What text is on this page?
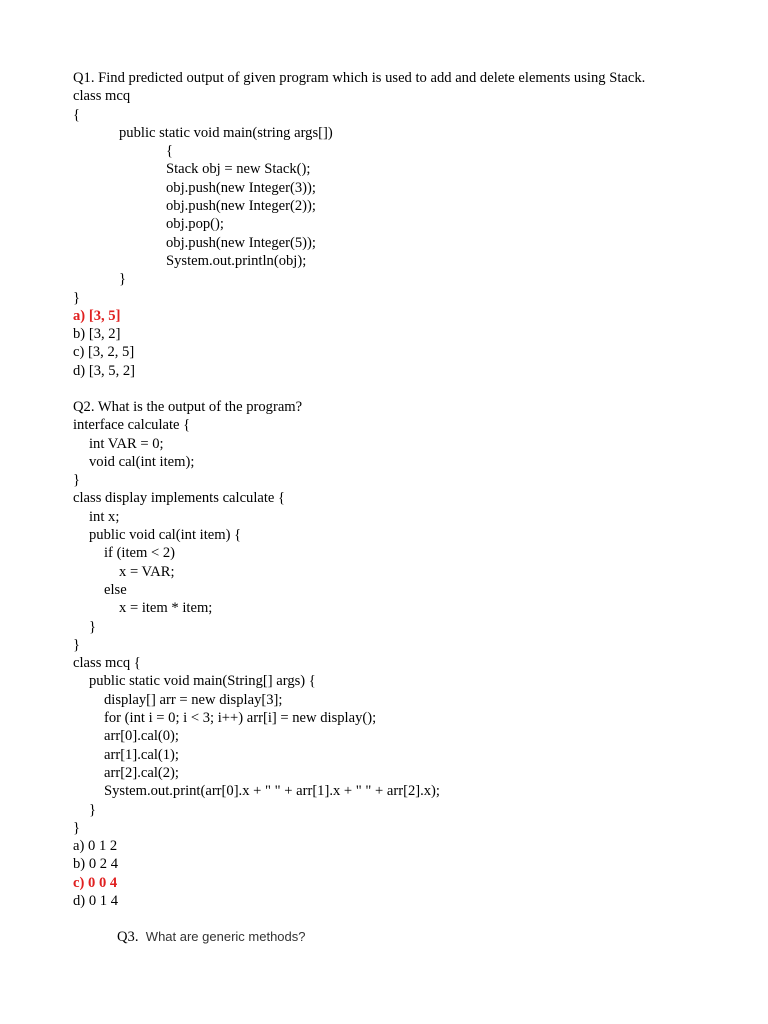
Q1. Find predicted output of given program which is used to add and delete elements using Stack.
class mcq
{
public static void main(string args[])
{
Stack obj = new Stack();
obj.push(new Integer(3));
obj.push(new Integer(2));
obj.pop();
obj.push(new Integer(5));
System.out.println(obj);
}
}
a) [3, 5]
b) [3, 2]
c) [3, 2, 5]
d) [3, 5, 2]
Q2. What is the output of the program?
interface calculate {
int VAR = 0;
void cal(int item);
}
class display implements calculate {
int x;
public void cal(int item) {
if (item < 2)
x = VAR;
else
x = item * item;
}
}
class mcq {
public static void main(String[] args) {
display[] arr = new display[3];
for (int i = 0; i < 3; i++) arr[i] = new display();
arr[0].cal(0);
arr[1].cal(1);
arr[2].cal(2);
System.out.print(arr[0].x + " " + arr[1].x + " " + arr[2].x);
}
}
a) 0 1 2
b) 0 2 4
c) 0 0 4
d) 0 1 4
Q3. What are generic methods?
